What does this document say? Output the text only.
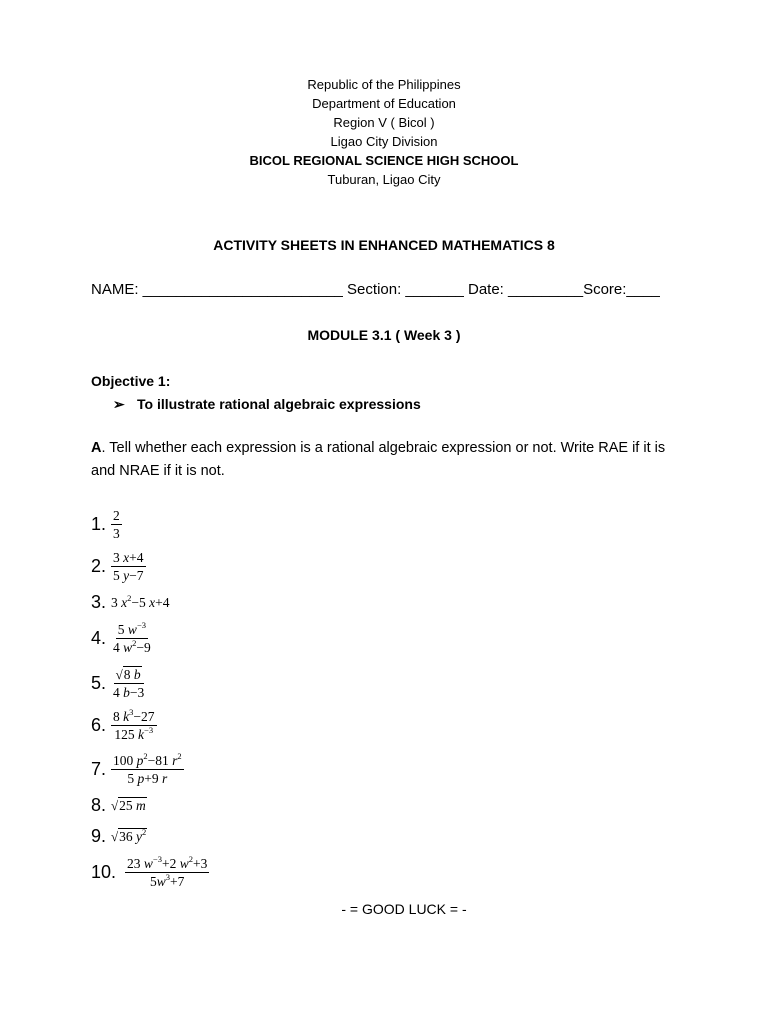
Republic of the Philippines
Department of Education
Region V ( Bicol )
Ligao City Division
BICOL REGIONAL SCIENCE HIGH SCHOOL
Tuburan, Ligao City
ACTIVITY SHEETS IN ENHANCED MATHEMATICS 8
NAME: ________________________ Section: _______ Date: _________Score:____
MODULE 3.1 ( Week 3 )
Objective 1:
➢ To illustrate rational algebraic expressions
A. Tell whether each expression is a rational algebraic expression or not. Write RAE if it is and NRAE if it is not.
1. $\frac{2}{3}$
2. $\frac{3 x+4}{5 y-7}$
3. 3 $x^2-5$ x+4
4. $\frac{5 w^{-3}}{4 w^2-9}$
5. $\frac{√ 8 b}{4 b-3}$
6. $\frac{8 k^3-27}{125 k^{-3}}$
7. $\frac{100 p^2-81 r^2}{5 p+9 r}$
8. √ 25 m
9. √ 36 $y^2$
10. $\frac{23 w^{-3}+2 w^2+3}{5w^3+7}$
- = GOOD LUCK = -
